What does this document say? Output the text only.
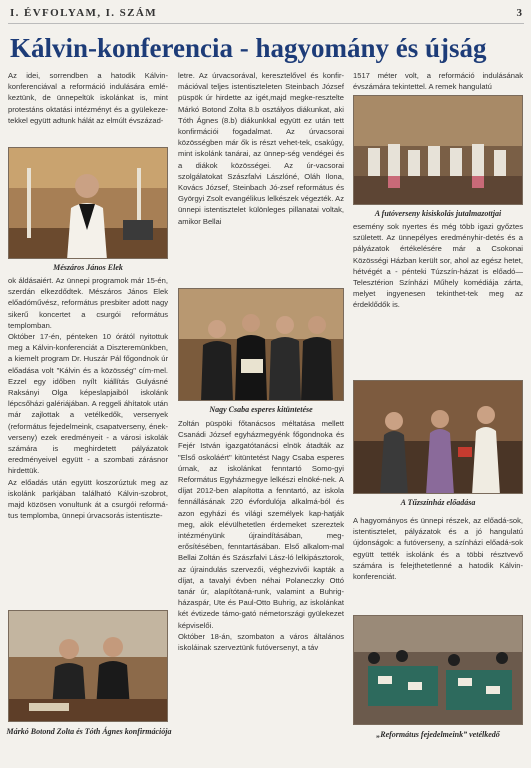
I. ÉVFOLYAM, I. SZÁM	3
Kálvin-konferencia - hagyomány és újság

Az idei, sorrendben a hatodik Kálvin-konferenciával a reformáció indulására emlé-keztünk, de ünnepeltük iskolánkat is, mint protestáns oktatási intézményt és a gyülekeze-tekkel együtt adtunk hálát az elmúlt évszázad-

Mészáros János Elek

ok áldásaiért. Az ünnepi programok már 15-én, szerdán elkezdődtek. Mészáros János Elek előadóművész, református presbiter adott nagy sikerű koncertet a csurgói református templomban.

Október 17-én, pénteken 10 órától nyitottuk meg a Kálvin-konferenciát a Diszteremünkben, a kiemelt program Dr. Huszár Pál főgondnok úr előadása volt "Kálvin és a közösség" cím-mel. Ezzel egy időben nyílt kiállítás Gulyásné Raksányi Olga képeslapjaiból iskolánk lépcsőházi galériájában. A reggeli áhítatok után már zajlottak a vetélkedők, versenyek (református fejedelmeink, csapatverseny, ének-verseny) ezek eredményeit - a városi iskolák számára is meghirdetett pályázatok eredményeivel együtt - a szombati zárásnor hirdettük.

Az előadás után együtt koszorúztuk meg az iskolánk parkjában található Kálvin-szobrot, majd közösen vonultunk át a csurgói reformá-tus templomba, ünnepi úrvacsorás istentiszte-

Márkó Botond Zolta és Tóth Ágnes konfirmációja

letre. Az úrvacsorával, keresztelővel és konfir-mációval teljes istentiszteleten Steinbach József püspök úr hirdette az igét,majd megke-resztelte Márkó Botond Zolta 8.b osztályos diákunkat, aki Tóth Ágnes (8.b) diákunkkal együtt ez után tett konfirmációi fogadalmat. Az úrvacsorai közösségben már ők is részt vehet-tek, csakúgy, mint iskolánk tanárai, az ünnep-ség vendégei és a diákok közösségei. Az úr-vacsorai szolgálatokat Szászfalvi Lászlóné, Oláh Ilona, Kovács József, Steinbach Jó-zsef református és Györgyi Zsolt evangélikus lelkészek végezték. Az ünnepi istentisztelet különleges pillanatai voltak, amikor Bellai

Nagy Csaba esperes kitüntetése

Zoltán püspöki főtanácsos méltatása mellett Csanádi József egyházmegyénk főgondnoka és Fejér István igazgatótanácsi elnök átadták az "Első oskoláért" kitüntetést Nagy Csaba esperes úrnak, az iskolánkat fenntartó Somo-gyi Református Egyházmegye lelkészi elnöké-nek. A díjat 2012-ben alapította a fenntartó, az iskola fennállásának 220 évfordulója alkalmá-ból és azon egyházi és világi személyek kap-hatják meg, akik elévülhetetlen érdemeket szereztek intézményünk újraindításában, meg-erősítésében, fenntartásában. Első alkalom-mal Bellai Zoltán és Szászfalvi Lász-ló lelkipásztorok, az újraindulás szervezői, véghezvivői kapták a díjat, a tavalyi évben néhai Polaneczky Ottó tanár úr, alapítótaná-runk, valamint a Buhrig-házaspár, Ute és Paul-Otto Buhrig, az iskolánkat két évtizede támo-gató németországi gyülekezet képviselői.

Október 18-án, szombaton a város általános iskoláinak szerveztünk futóversenyt, a táv

1517 méter volt, a reformáció indulásának évszámára tekintettel. A remek hangulatú

A futóverseny kisiskolás jutalmazottjai

esemény sok nyertes és még több igazi győztes született. Az ünnepélyes eredményhir-detés és a pályázatok értékelésére már a Csokonai Közösségi Házban került sor, ahol az egész hetet, hétvégét a - pénteki Túzszín-házat is előadó—Telesztérion Színházi Műhely komédiája zárta, melyet ingyenesen tekinthet-tek meg az érdeklődők is.

A Tűzszínház előadása

A hagyományos és ünnepi részek, az előadá-sok, istentisztelet, pályázatok és a jó hangulatú újdonságok: a futóverseny, a színházi előadá-sok együtt tették iskolánk és a többi résztvevő számára is felejthetetlenné a hatodik Kálvin-konferenciát.

„Református fejedelmeink” vetélkedő
